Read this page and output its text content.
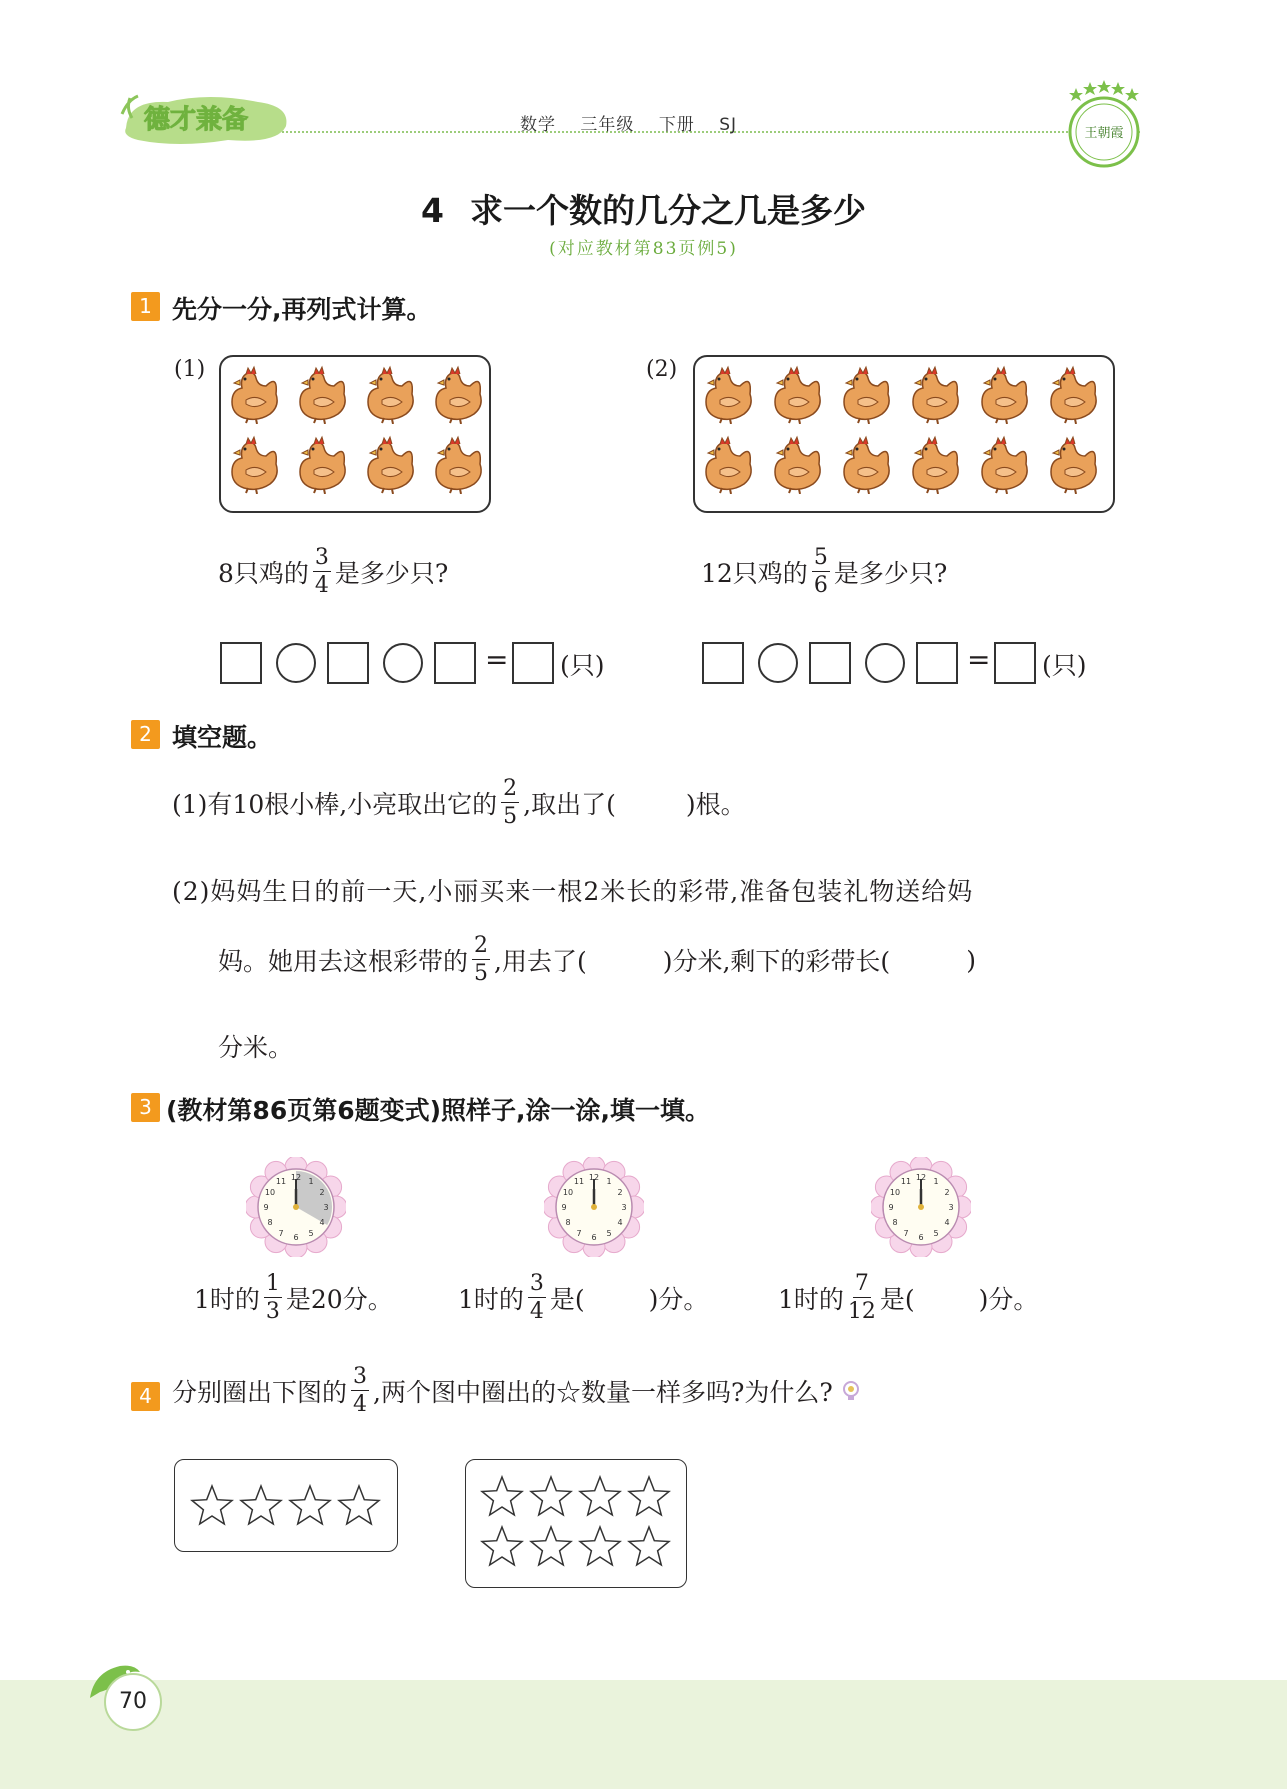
德才兼备	数学 三年级 下册 SJ	王朝霞
4 求一个数的几分之几是多少
(对应教材第83页例5)
1 先分一分,再列式计算。
(1)	(2)
8只鸡的 $\frac{3}{4}$ 是多少只?	12只鸡的 $\frac{5}{6}$ 是多少只?
= (只)	= (只)
2 填空题。
(1)有10根小棒,小亮取出它的 $\frac{2}{5}$ ,取出了(	)根。
(2)妈妈生日的前一天,小丽买来一根2米长的彩带,准备包装礼物送给妈
妈。她用去这根彩带的 $\frac{2}{5}$ ,用去了(	)分米,剩下的彩带长(	)
分米。
3 (教材第86页第6题变式)照样子,涂一涂,填一填。
1
2
3
4
5
6
7
8
9
10
11 12	1
2
3
4
5
6
7
8
9
10
11 12	1
2
3
4
5
6
7
8
9
10
11 12
1时的 $\frac{1}{3}$ 是20分。	1时的 $\frac{3}{4}$ 是(	)分。	1时的 $\frac{7}{12}$ 是(	)分。
4 分别圈出下图的 $\frac{3}{4}$ ,两个图中圈出的☆数量一样多吗?为什么?
70
